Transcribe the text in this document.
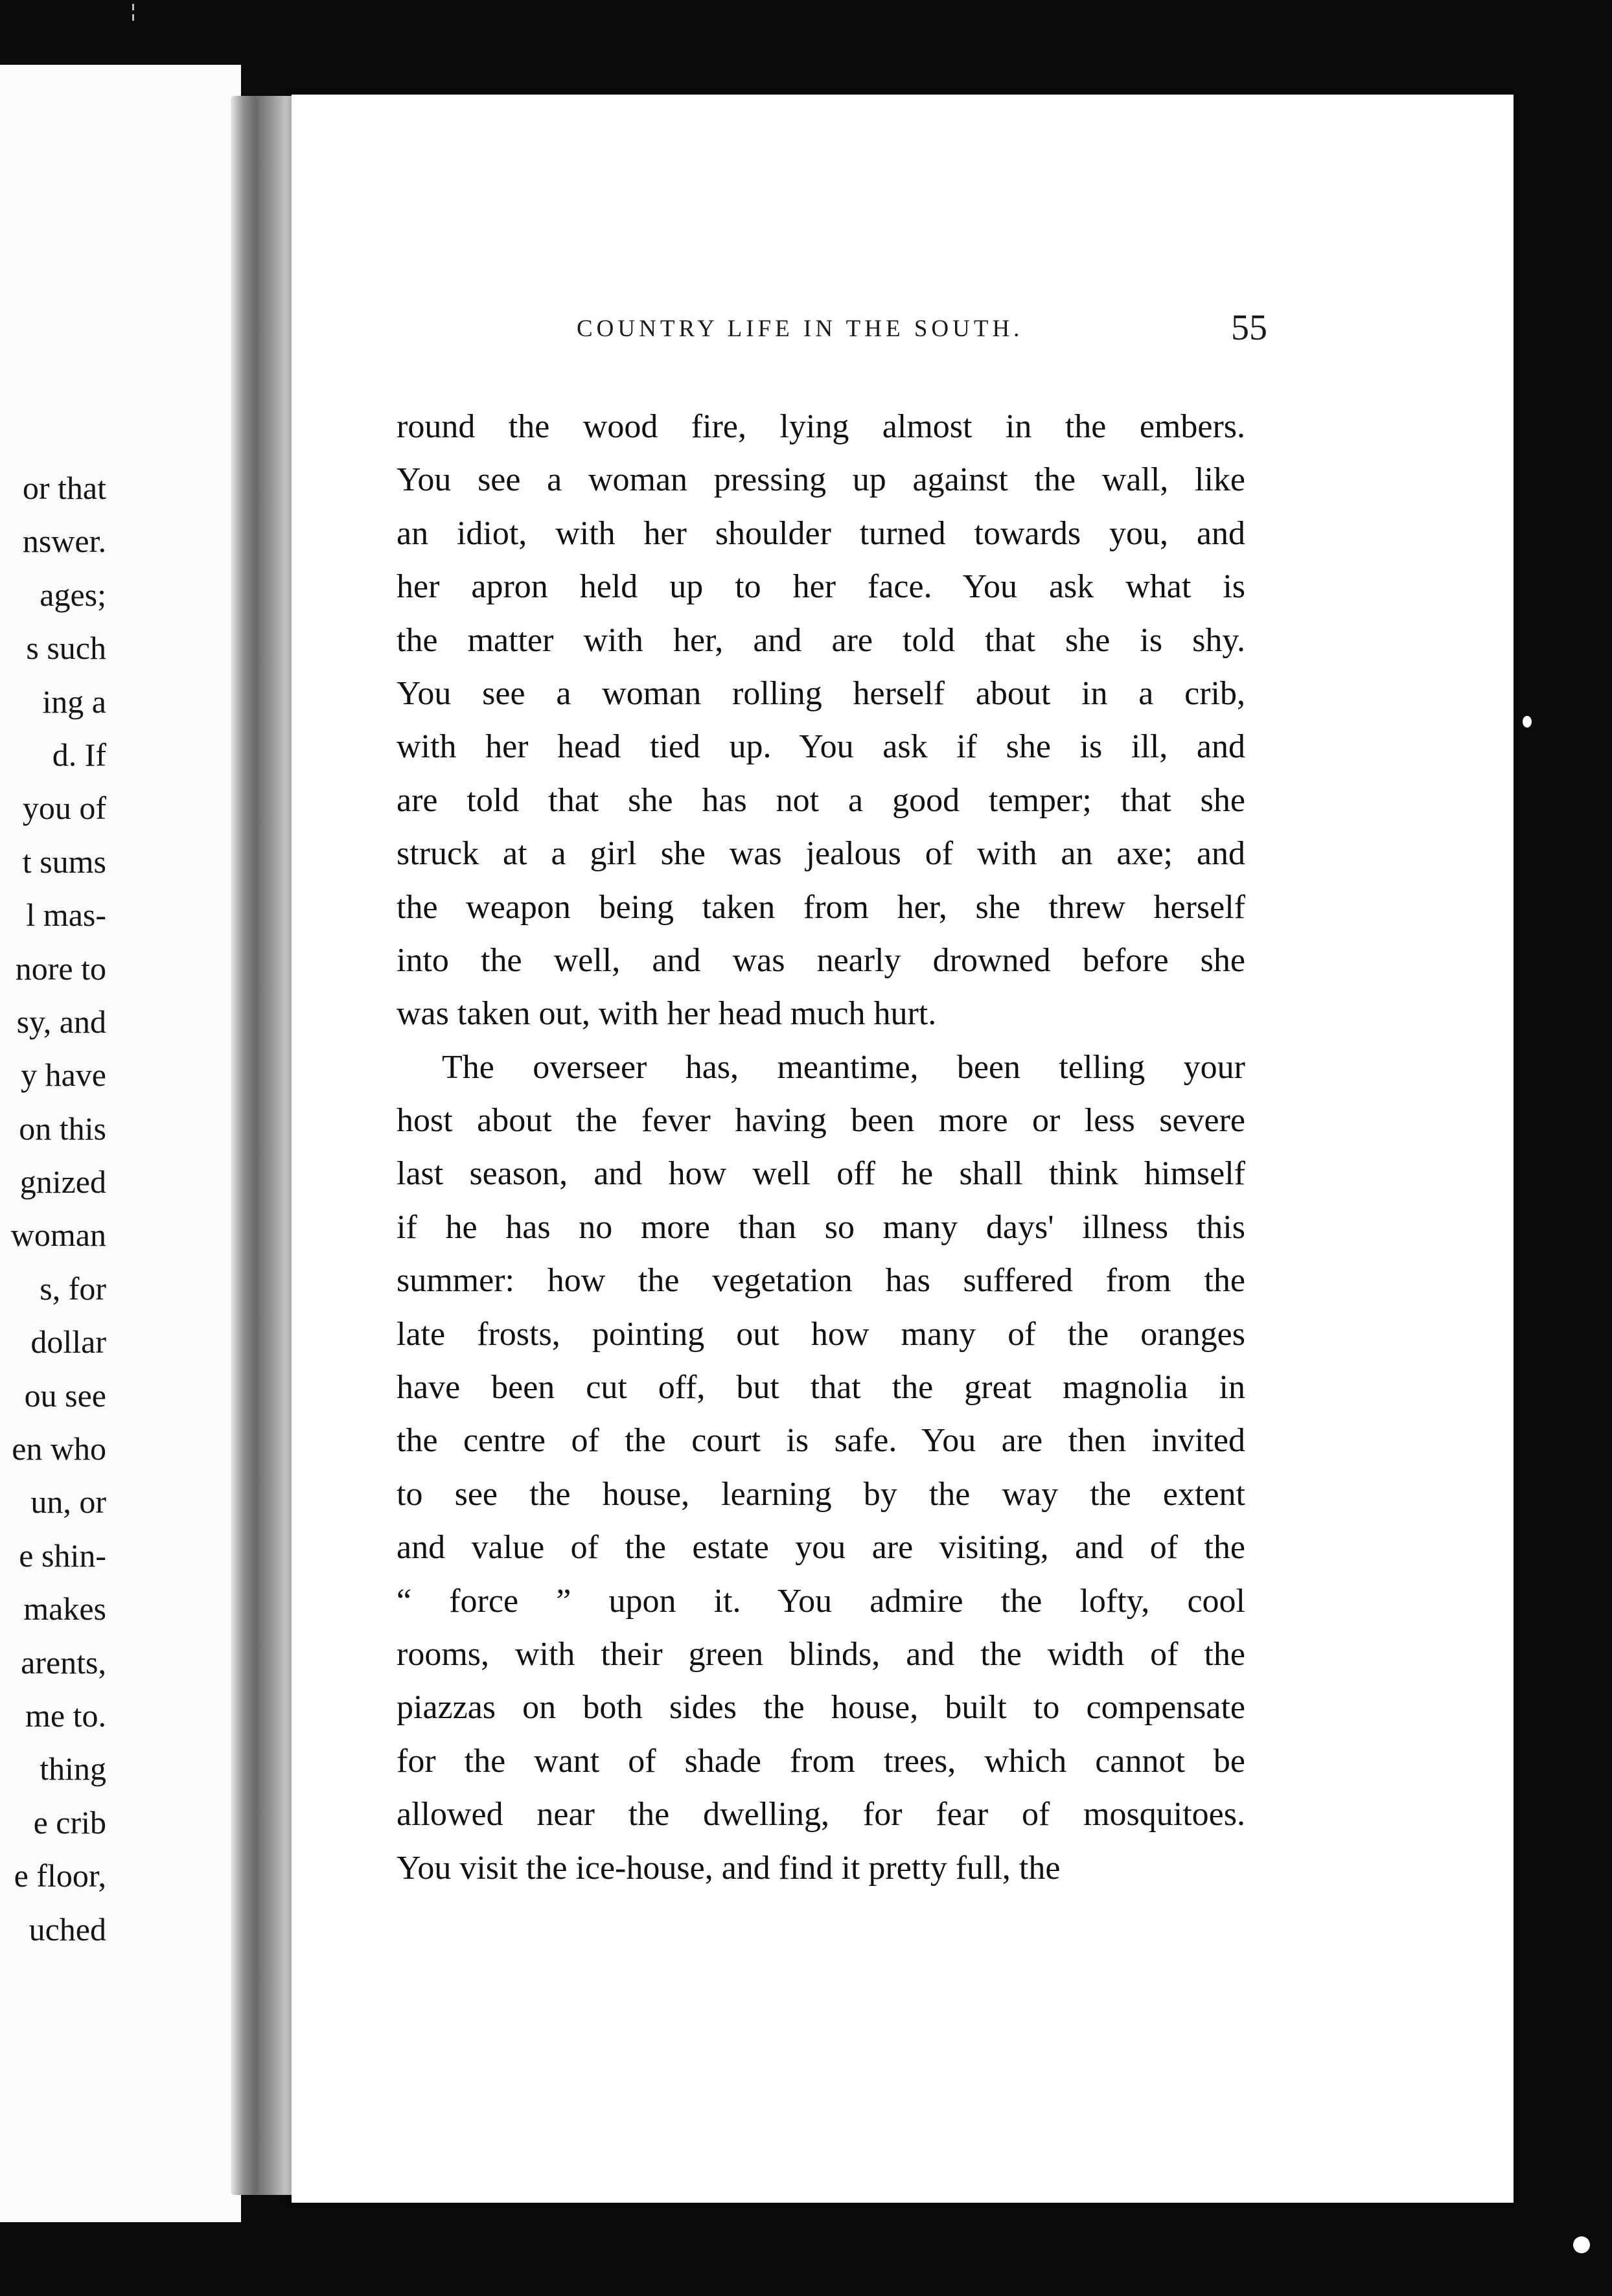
or that
nswer.
ages;
s such
ing a
d. If
you of
t sums
l mas-
nore to
sy, and
y have
on this
gnized
woman
s, for
dollar
ou see
en who
un, or
e shin-
makes
arents,
me to.
thing
e crib
e floor,
uched
COUNTRY LIFE IN THE SOUTH.	55
round the wood fire, lying almost in the embers.
You see a woman pressing up against the wall, like
an idiot, with her shoulder turned towards you, and
her apron held up to her face. You ask what is
the matter with her, and are told that she is shy.
You see a woman rolling herself about in a crib,
with her head tied up. You ask if she is ill, and
are told that she has not a good temper; that she
struck at a girl she was jealous of with an axe; and
the weapon being taken from her, she threw herself
into the well, and was nearly drowned before she
was taken out, with her head much hurt.
The overseer has, meantime, been telling your
host about the fever having been more or less severe
last season, and how well off he shall think himself
if he has no more than so many days' illness this
summer: how the vegetation has suffered from the
late frosts, pointing out how many of the oranges
have been cut off, but that the great magnolia in
the centre of the court is safe. You are then invited
to see the house, learning by the way the extent
and value of the estate you are visiting, and of the
“ force ” upon it. You admire the lofty, cool
rooms, with their green blinds, and the width of the
piazzas on both sides the house, built to compensate
for the want of shade from trees, which cannot be
allowed near the dwelling, for fear of mosquitoes.
You visit the ice-house, and find it pretty full, the
